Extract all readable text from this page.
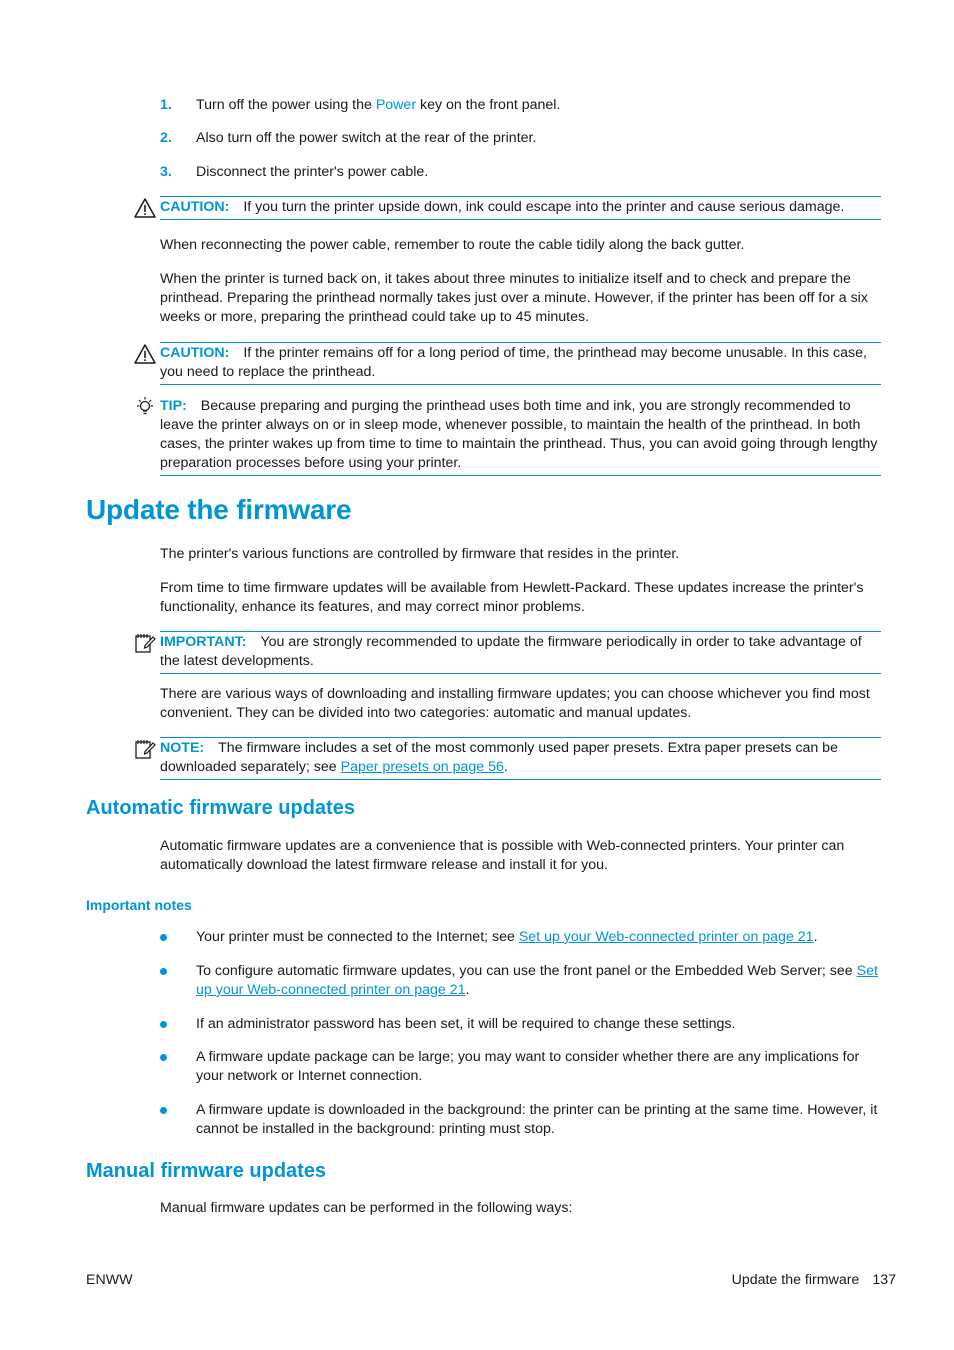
1. Turn off the power using the Power key on the front panel.
2. Also turn off the power switch at the rear of the printer.
3. Disconnect the printer's power cable.
CAUTION: If you turn the printer upside down, ink could escape into the printer and cause serious damage.
When reconnecting the power cable, remember to route the cable tidily along the back gutter.
When the printer is turned back on, it takes about three minutes to initialize itself and to check and prepare the printhead. Preparing the printhead normally takes just over a minute. However, if the printer has been off for a six weeks or more, preparing the printhead could take up to 45 minutes.
CAUTION: If the printer remains off for a long period of time, the printhead may become unusable. In this case, you need to replace the printhead.
TIP: Because preparing and purging the printhead uses both time and ink, you are strongly recommended to leave the printer always on or in sleep mode, whenever possible, to maintain the health of the printhead. In both cases, the printer wakes up from time to time to maintain the printhead. Thus, you can avoid going through lengthy preparation processes before using your printer.
Update the firmware
The printer's various functions are controlled by firmware that resides in the printer.
From time to time firmware updates will be available from Hewlett-Packard. These updates increase the printer's functionality, enhance its features, and may correct minor problems.
IMPORTANT: You are strongly recommended to update the firmware periodically in order to take advantage of the latest developments.
There are various ways of downloading and installing firmware updates; you can choose whichever you find most convenient. They can be divided into two categories: automatic and manual updates.
NOTE: The firmware includes a set of the most commonly used paper presets. Extra paper presets can be downloaded separately; see Paper presets on page 56.
Automatic firmware updates
Automatic firmware updates are a convenience that is possible with Web-connected printers. Your printer can automatically download the latest firmware release and install it for you.
Important notes
Your printer must be connected to the Internet; see Set up your Web-connected printer on page 21.
To configure automatic firmware updates, you can use the front panel or the Embedded Web Server; see Set up your Web-connected printer on page 21.
If an administrator password has been set, it will be required to change these settings.
A firmware update package can be large; you may want to consider whether there are any implications for your network or Internet connection.
A firmware update is downloaded in the background: the printer can be printing at the same time. However, it cannot be installed in the background: printing must stop.
Manual firmware updates
Manual firmware updates can be performed in the following ways:
ENWW	Update the firmware 137
